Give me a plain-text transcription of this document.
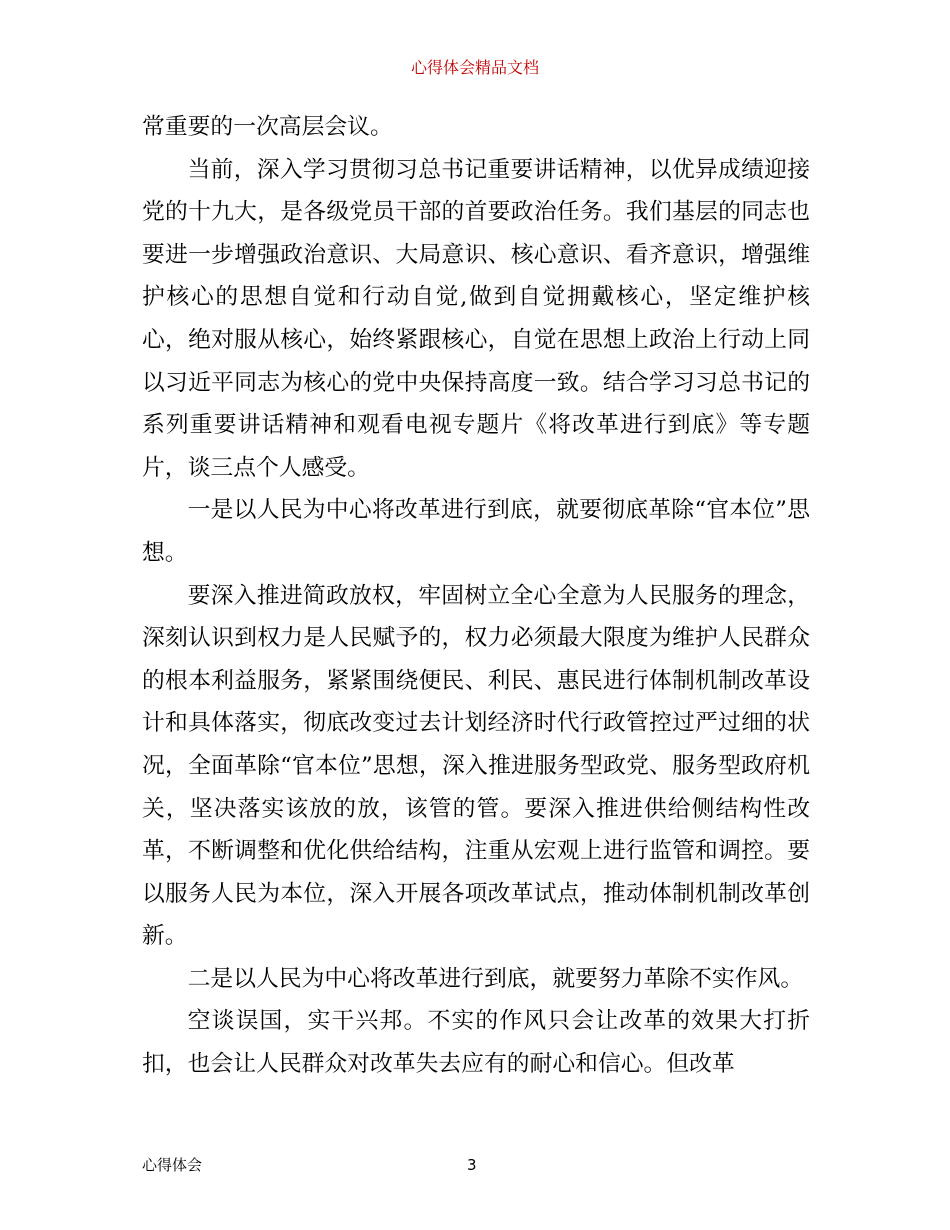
心得体会精品文档

常重要的一次高层会议。

当前，深入学习贯彻习总书记重要讲话精神，以优异成绩迎接党的十九大，是各级党员干部的首要政治任务。我们基层的同志也要进一步增强政治意识、大局意识、核心意识、看齐意识，增强维护核心的思想自觉和行动自觉,做到自觉拥戴核心，坚定维护核心，绝对服从核心，始终紧跟核心，自觉在思想上政治上行动上同以习近平同志为核心的党中央保持高度一致。结合学习习总书记的系列重要讲话精神和观看电视专题片《将改革进行到底》等专题片，谈三点个人感受。

一是以人民为中心将改革进行到底，就要彻底革除“官本位”思想。

要深入推进简政放权，牢固树立全心全意为人民服务的理念，深刻认识到权力是人民赋予的，权力必须最大限度为维护人民群众的根本利益服务，紧紧围绕便民、利民、惠民进行体制机制改革设计和具体落实，彻底改变过去计划经济时代行政管控过严过细的状况，全面革除“官本位”思想，深入推进服务型政党、服务型政府机关，坚决落实该放的放，该管的管。要深入推进供给侧结构性改革，不断调整和优化供给结构，注重从宏观上进行监管和调控。要以服务人民为本位，深入开展各项改革试点，推动体制机制改革创新。

二是以人民为中心将改革进行到底，就要努力革除不实作风。

空谈误国，实干兴邦。不实的作风只会让改革的效果大打折扣，也会让人民群众对改革失去应有的耐心和信心。但改革

心得体会	3
